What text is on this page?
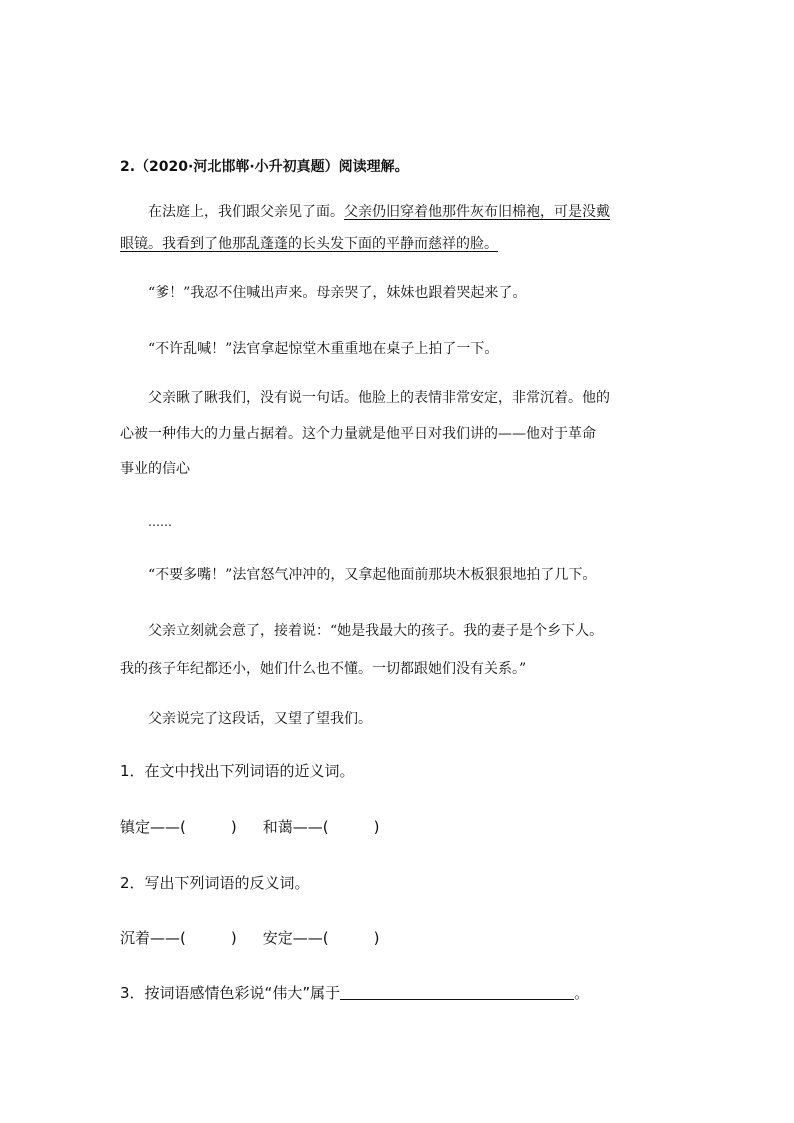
2.（2020·河北邯郸·小升初真题）阅读理解。
在法庭上，我们跟父亲见了面。父亲仍旧穿着他那件灰布旧棉袍，可是没戴
眼镜。我看到了他那乱蓬蓬的长头发下面的平静而慈祥的脸。
“爹！”我忍不住喊出声来。母亲哭了，妹妹也跟着哭起来了。
“不许乱喊！”法官拿起惊堂木重重地在桌子上拍了一下。
父亲瞅了瞅我们，没有说一句话。他脸上的表情非常安定，非常沉着。他的
心被一种伟大的力量占据着。这个力量就是他平日对我们讲的——他对于革命
事业的信心
……
“不要多嘴！”法官怒气冲冲的，又拿起他面前那块木板狠狠地拍了几下。
父亲立刻就会意了，接着说：“她是我最大的孩子。我的妻子是个乡下人。
我的孩子年纪都还小，她们什么也不懂。一切都跟她们没有关系。”
父亲说完了这段话，又望了望我们。
1．在文中找出下列词语的近义词。
镇定——(　　　) 和蔼——(　　　)
2．写出下列词语的反义词。
沉着——(　　　) 安定——(　　　)
3．按词语感情色彩说“伟大”属于	。
